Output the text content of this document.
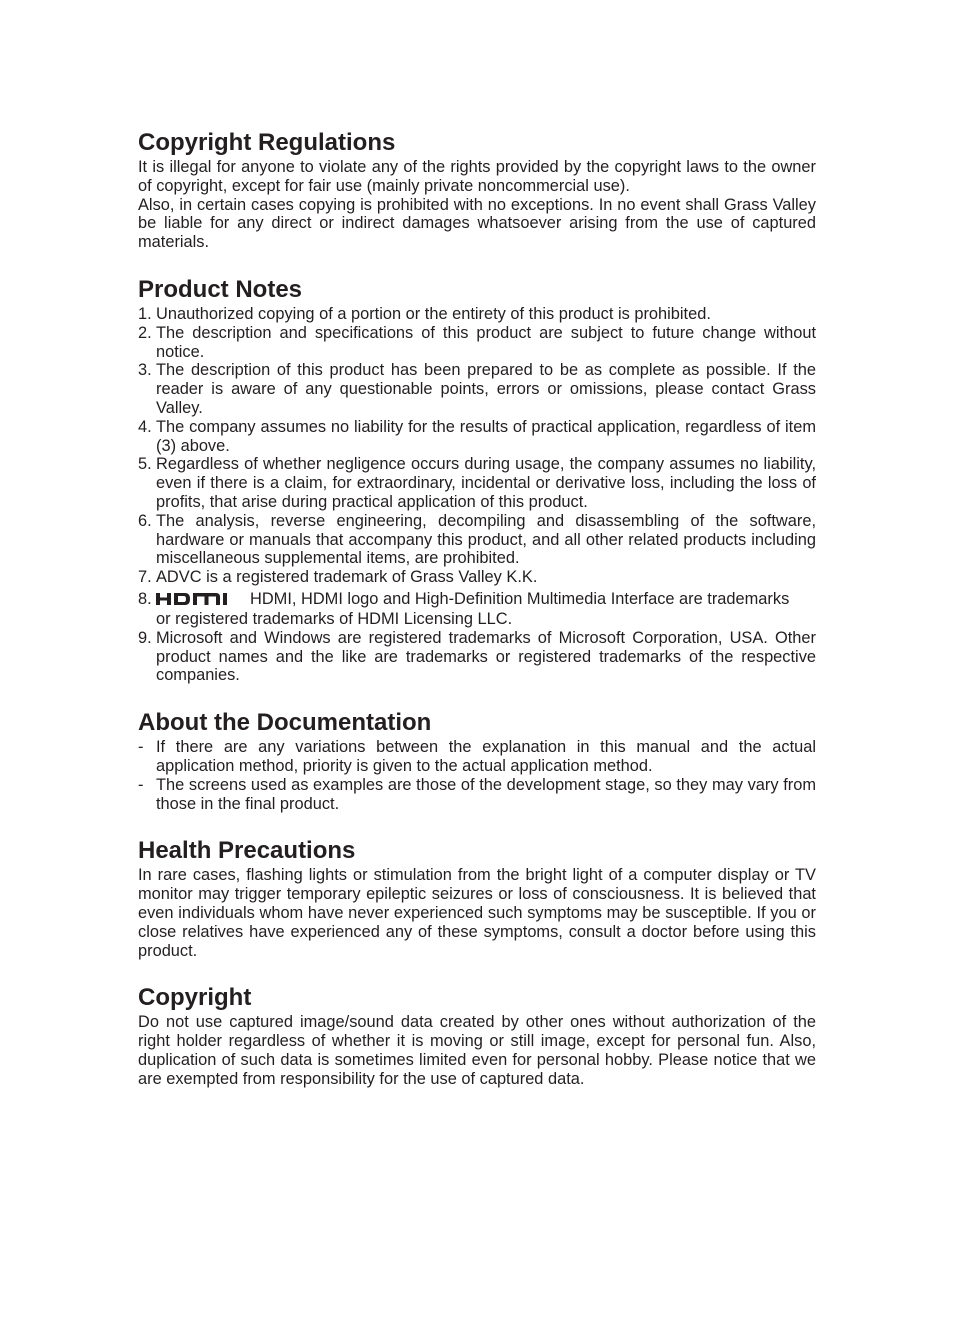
Copyright Regulations

It is illegal for anyone to violate any of the rights provided by the copyright laws to the owner of copyright, except for fair use (mainly private noncommercial use).

Also, in certain cases copying is prohibited with no exceptions. In no event shall Grass Valley be liable for any direct or indirect damages whatsoever arising from the use of captured materials.

Product Notes
1. Unauthorized copying of a portion or the entirety of this product is prohibited.
2. The description and specifications of this product are subject to future change without notice.
3. The description of this product has been prepared to be as complete as possible. If the reader is aware of any questionable points, errors or omissions, please contact Grass Valley.
4. The company assumes no liability for the results of practical application, regardless of item (3) above.
5. Regardless of whether negligence occurs during usage, the company assumes no liability, even if there is a claim, for extraordinary, incidental or derivative loss, including the loss of profits, that arise during practical application of this product.
6. The analysis, reverse engineering, decompiling and disassembling of the software, hardware or manuals that accompany this product, and all other related products including miscellaneous supplemental items, are prohibited.
7. ADVC is a registered trademark of Grass Valley K.K.
8.	HDMI, HDMI logo and High-Definition Multimedia Interface are trademarks
or registered trademarks of HDMI Licensing LLC.
9. Microsoft and Windows are registered trademarks of Microsoft Corporation, USA. Other product names and the like are trademarks or registered trademarks of the respective companies.
About the Documentation
- If there are any variations between the explanation in this manual and the actual application method, priority is given to the actual application method.
- The screens used as examples are those of the development stage, so they may vary from those in the final product.
Health Precautions

In rare cases, flashing lights or stimulation from the bright light of a computer display or TV monitor may trigger temporary epileptic seizures or loss of consciousness. It is believed that even individuals whom have never experienced such symptoms may be susceptible. If you or close relatives have experienced any of these symptoms, consult a doctor before using this product.

Copyright

Do not use captured image/sound data created by other ones without authorization of the right holder regardless of whether it is moving or still image, except for personal fun. Also, duplication of such data is sometimes limited even for personal hobby. Please notice that we are exempted from responsibility for the use of captured data.
